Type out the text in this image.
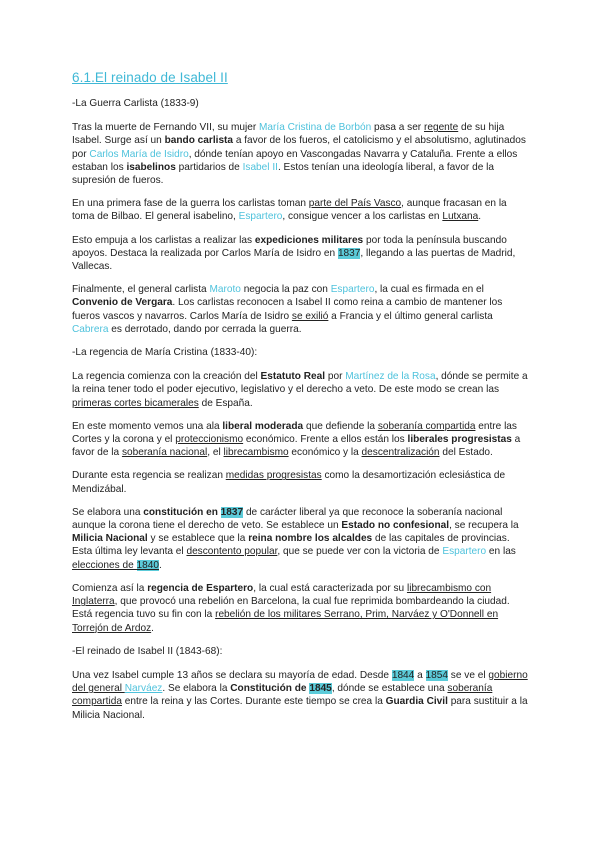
6.1.El reinado de Isabel II

-La Guerra Carlista (1833-9)

Tras la muerte de Fernando VII, su mujer María Cristina de Borbón pasa a ser regente de su hija Isabel. Surge así un bando carlista a favor de los fueros, el catolicismo y el absolutismo, aglutinados por Carlos María de Isidro, dónde tenían apoyo en Vascongadas Navarra y Cataluña. Frente a ellos estaban los isabelinos partidarios de Isabel II. Estos tenían una ideología liberal, a favor de la supresión de fueros.

En una primera fase de la guerra los carlistas toman parte del País Vasco, aunque fracasan en la toma de Bilbao. El general isabelino, Espartero, consigue vencer a los carlistas en Lutxana.

Esto empuja a los carlistas a realizar las expediciones militares por toda la península buscando apoyos. Destaca la realizada por Carlos María de Isidro en 1837, llegando a las puertas de Madrid, Vallecas.

Finalmente, el general carlista Maroto negocia la paz con Espartero, la cual es firmada en el Convenio de Vergara. Los carlistas reconocen a Isabel II como reina a cambio de mantener los fueros vascos y navarros. Carlos María de Isidro se exilió a Francia y el último general carlista Cabrera es derrotado, dando por cerrada la guerra.

-La regencia de María Cristina (1833-40):

La regencia comienza con la creación del Estatuto Real por Martínez de la Rosa, dónde se permite a la reina tener todo el poder ejecutivo, legislativo y el derecho a veto. De este modo se crean las primeras cortes bicamerales de España.

En este momento vemos una ala liberal moderada que defiende la soberanía compartida entre las Cortes y la corona y el proteccionismo económico. Frente a ellos están los liberales progresistas a favor de la soberanía nacional, el librecambismo económico y la descentralización del Estado.

Durante esta regencia se realizan medidas progresistas como la desamortización eclesiástica de Mendizábal.

Se elabora una constitución en 1837 de carácter liberal ya que reconoce la soberanía nacional aunque la corona tiene el derecho de veto. Se establece un Estado no confesional, se recupera la Milicia Nacional y se establece que la reina nombre los alcaldes de las capitales de provincias. Esta última ley levanta el descontento popular, que se puede ver con la victoria de Espartero en las elecciones de 1840.

Comienza así la regencia de Espartero, la cual está caracterizada por su librecambismo con Inglaterra, que provocó una rebelión en Barcelona, la cual fue reprimida bombardeando la ciudad. Está regencia tuvo su fin con la rebelión de los militares Serrano, Prim, Narváez y O'Donnell en Torrejón de Ardoz.

-El reinado de Isabel II (1843-68):

Una vez Isabel cumple 13 años se declara su mayoría de edad. Desde 1844 a 1854 se ve el gobierno del general Narváez. Se elabora la Constitución de 1845, dónde se establece una soberanía compartida entre la reina y las Cortes. Durante este tiempo se crea la Guardia Civil para sustituir a la Milicia Nacional.
